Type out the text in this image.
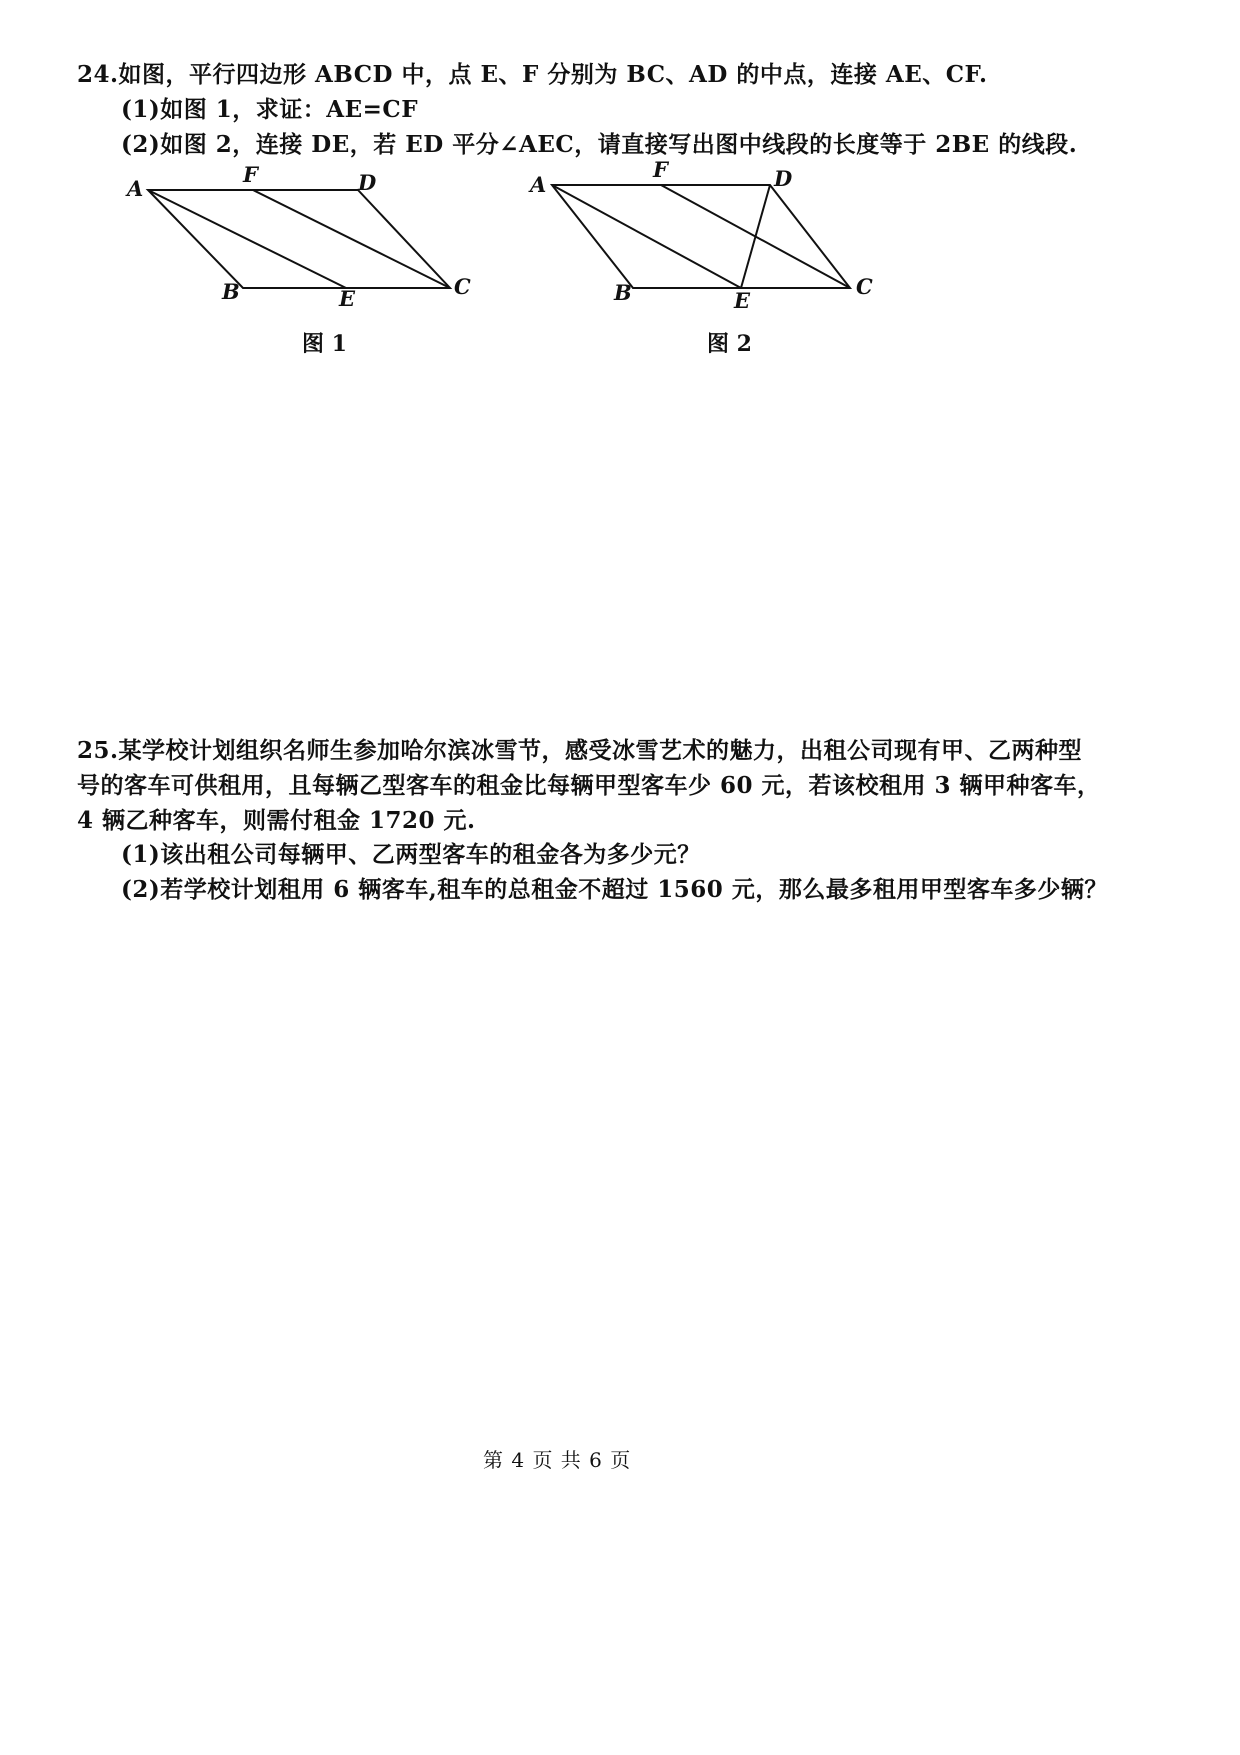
24.如图，平行四边形 ABCD 中，点 E、F 分别为 BC、AD 的中点，连接 AE、CF.
(1)如图 1，求证：AE=CF
(2)如图 2，连接 DE，若 ED 平分∠AEC，请直接写出图中线段的长度等于 2BE 的线段.
A
F	D
B	E	C
图 1
A
F	D
B	E
C
图 2
25.某学校计划组织名师生参加哈尔滨冰雪节，感受冰雪艺术的魅力，出租公司现有甲、乙两种型
号的客车可供租用，且每辆乙型客车的租金比每辆甲型客车少 60 元，若该校租用 3 辆甲种客车，
4 辆乙种客车，则需付租金 1720 元.
(1)该出租公司每辆甲、乙两型客车的租金各为多少元？
(2)若学校计划租用 6 辆客车,租车的总租金不超过 1560 元，那么最多租用甲型客车多少辆？
第 4 页 共 6 页
